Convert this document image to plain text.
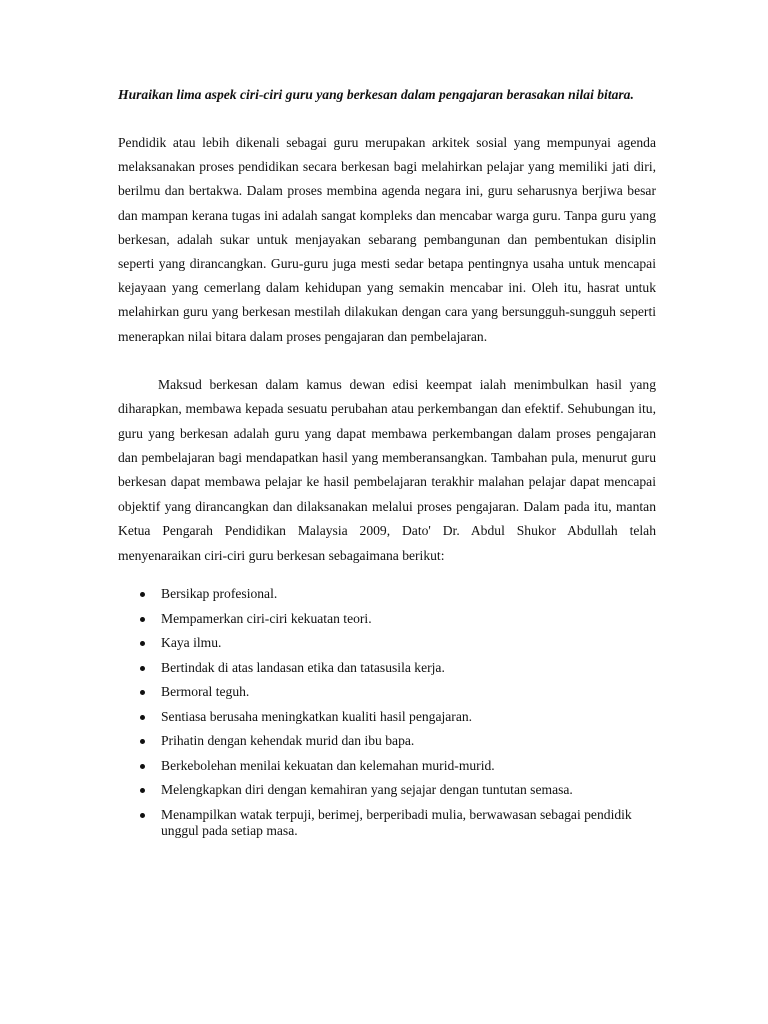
Huraikan lima aspek ciri-ciri guru yang berkesan dalam pengajaran berasakan nilai bitara.

Pendidik atau lebih dikenali sebagai guru merupakan arkitek sosial yang mempunyai agenda melaksanakan proses pendidikan secara berkesan bagi melahirkan pelajar yang memiliki jati diri, berilmu dan bertakwa. Dalam proses membina agenda negara ini, guru seharusnya berjiwa besar dan mampan kerana tugas ini adalah sangat kompleks dan mencabar warga guru. Tanpa guru yang berkesan, adalah sukar untuk menjayakan sebarang pembangunan dan pembentukan disiplin seperti yang dirancangkan. Guru-guru juga mesti sedar betapa pentingnya usaha untuk mencapai kejayaan yang cemerlang dalam kehidupan yang semakin mencabar ini. Oleh itu, hasrat untuk melahirkan guru yang berkesan mestilah dilakukan dengan cara yang bersungguh-sungguh seperti menerapkan nilai bitara dalam proses pengajaran dan pembelajaran.

Maksud berkesan dalam kamus dewan edisi keempat ialah menimbulkan hasil yang diharapkan, membawa kepada sesuatu perubahan atau perkembangan dan efektif. Sehubungan itu, guru yang berkesan adalah guru yang dapat membawa perkembangan dalam proses pengajaran dan pembelajaran bagi mendapatkan hasil yang memberansangkan. Tambahan pula, menurut guru berkesan dapat membawa pelajar ke hasil pembelajaran terakhir malahan pelajar dapat mencapai objektif yang dirancangkan dan dilaksanakan melalui proses pengajaran. Dalam pada itu, mantan Ketua Pengarah Pendidikan Malaysia 2009, Dato' Dr. Abdul Shukor Abdullah telah menyenaraikan ciri-ciri guru berkesan sebagaimana berikut:

Bersikap profesional.
Mempamerkan ciri-ciri kekuatan teori.
Kaya ilmu.
Bertindak di atas landasan etika dan tatasusila kerja.
Bermoral teguh.
Sentiasa berusaha meningkatkan kualiti hasil pengajaran.
Prihatin dengan kehendak murid dan ibu bapa.
Berkebolehan menilai kekuatan dan kelemahan murid-murid.
Melengkapkan diri dengan kemahiran yang sejajar dengan tuntutan semasa.
Menampilkan watak terpuji, berimej, berperibadi mulia, berwawasan sebagai pendidik unggul pada setiap masa.
